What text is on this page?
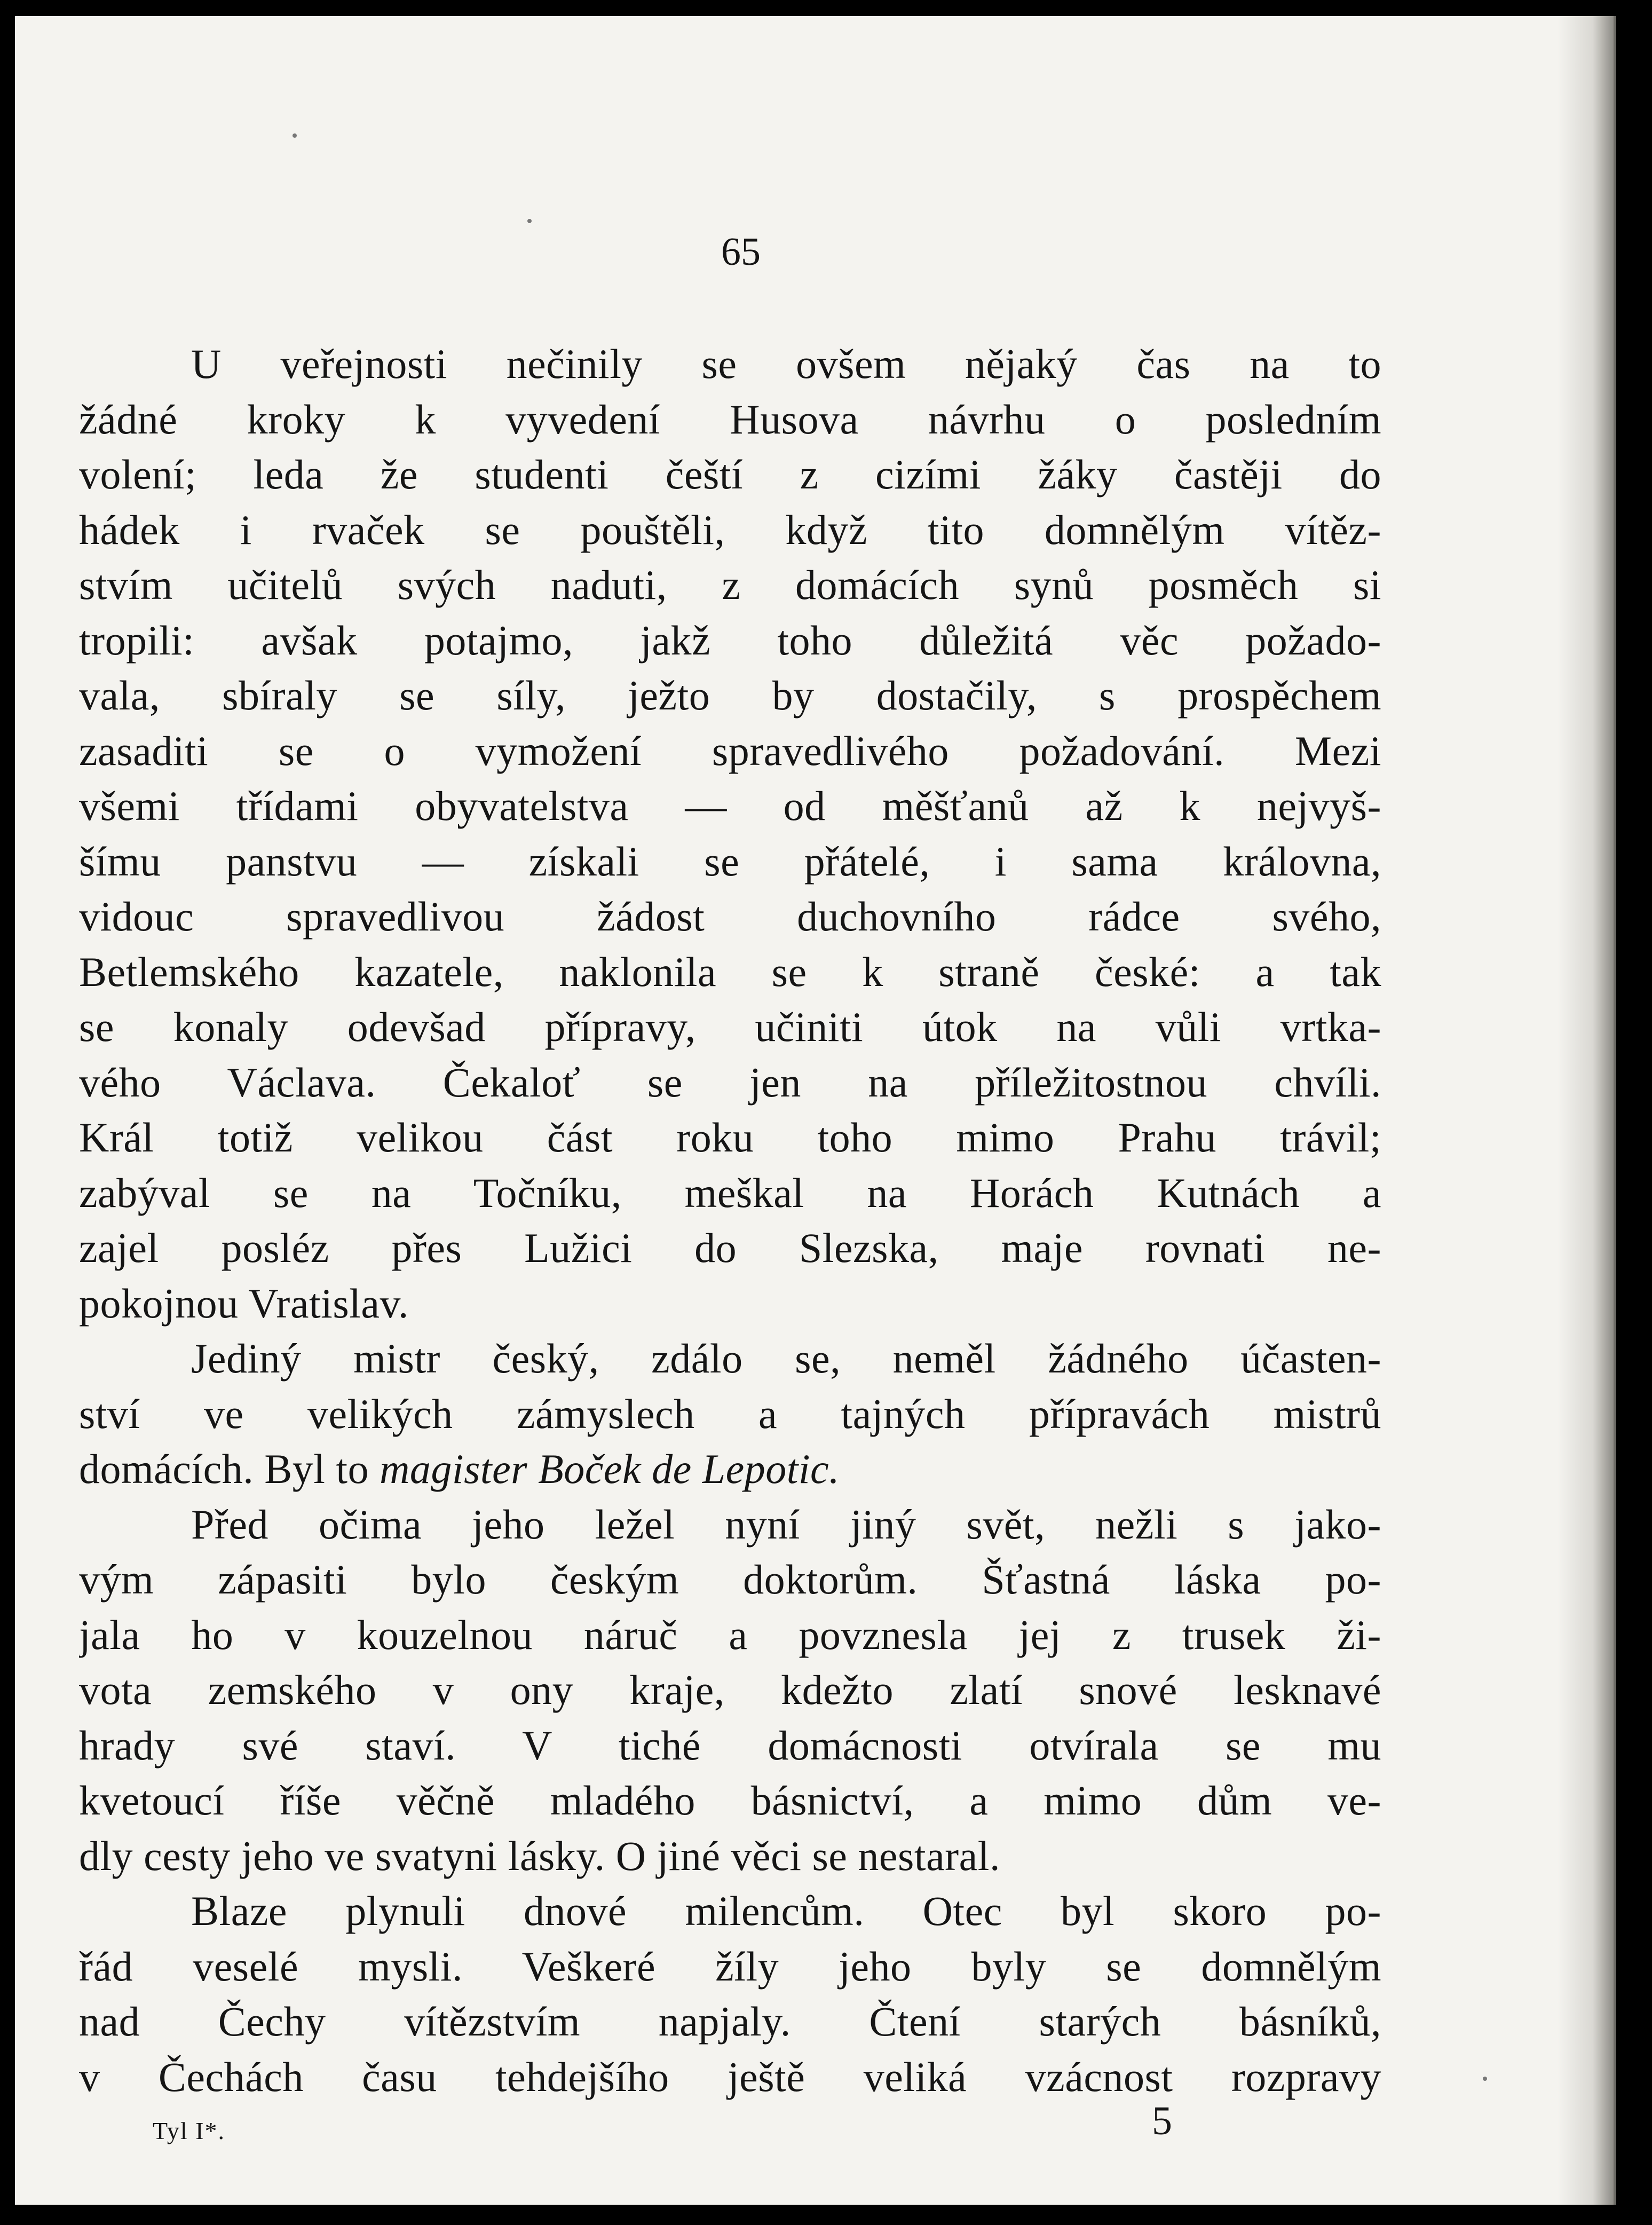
65
U veřejnosti nečinily se ovšem nějaký čas na to
žádné kroky k vyvedení Husova návrhu o posledním
volení; leda že studenti čeští z cizími žáky častěji do
hádek i rvaček se pouštěli, když tito domnělým vítěz-
stvím učitelů svých naduti, z domácích synů posměch si
tropili: avšak potajmo, jakž toho důležitá věc požado-
vala, sbíraly se síly, ježto by dostačily, s prospěchem
zasaditi se o vymožení spravedlivého požadování. Mezi
všemi třídami obyvatelstva — od měšťanů až k nejvyš-
šímu panstvu — získali se přátelé, i sama královna,
vidouc spravedlivou žádost duchovního rádce svého,
Betlemského kazatele, naklonila se k straně české: a tak
se konaly odevšad přípravy, učiniti útok na vůli vrtka-
vého Václava. Čekaloť se jen na příležitostnou chvíli.
Král totiž velikou část roku toho mimo Prahu trávil;
zabýval se na Točníku, meškal na Horách Kutnách a
zajel posléz přes Lužici do Slezska, maje rovnati ne-
pokojnou Vratislav.
Jediný mistr český, zdálo se, neměl žádného účasten-
ství ve velikých zámyslech a tajných přípravách mistrů
domácích. Byl to magister Boček de Lepotic.
Před očima jeho ležel nyní jiný svět, nežli s jako-
vým zápasiti bylo českým doktorům. Šťastná láska po-
jala ho v kouzelnou náruč a povznesla jej z trusek ži-
vota zemského v ony kraje, kdežto zlatí snové lesknavé
hrady své staví. V tiché domácnosti otvírala se mu
kvetoucí říše věčně mladého básnictví, a mimo dům ve-
dly cesty jeho ve svatyni lásky. O jiné věci se nestaral.
Blaze plynuli dnové milencům. Otec byl skoro po-
řád veselé mysli. Veškeré žíly jeho byly se domnělým
nad Čechy vítězstvím napjaly. Čtení starých básníků,
v Čechách času tehdejšího ještě veliká vzácnost rozpravy
Tyl I*.	5
